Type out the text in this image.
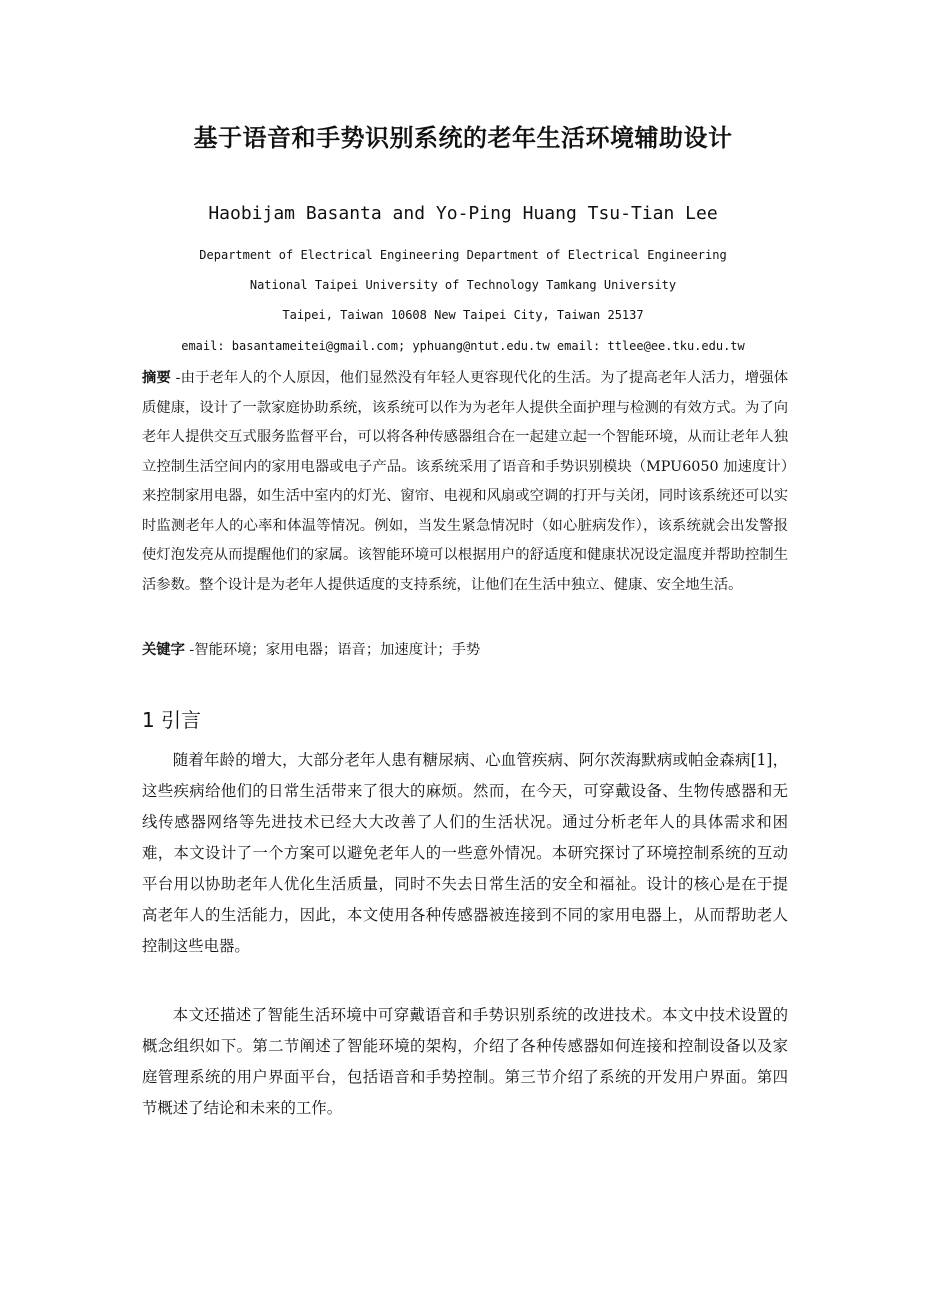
基于语音和手势识别系统的老年生活环境辅助设计
Haobijam Basanta and Yo-Ping Huang Tsu-Tian Lee
Department of Electrical Engineering Department of Electrical Engineering
National Taipei University of Technology Tamkang University
Taipei, Taiwan 10608 New Taipei City, Taiwan 25137
email: basantameitei@gmail.com; yphuang@ntut.edu.tw email: ttlee@ee.tku.edu.tw

摘要 -由于老年人的个人原因，他们显然没有年轻人更容现代化的生活。为了提高老年人活力，增强体质健康，设计了一款家庭协助系统，该系统可以作为为老年人提供全面护理与检测的有效方式。为了向老年人提供交互式服务监督平台，可以将各种传感器组合在一起建立起一个智能环境，从而让老年人独立控制生活空间内的家用电器或电子产品。该系统采用了语音和手势识别模块（MPU6050 加速度计）来控制家用电器，如生活中室内的灯光、窗帘、电视和风扇或空调的打开与关闭，同时该系统还可以实时监测老年人的心率和体温等情况。例如，当发生紧急情况时（如心脏病发作），该系统就会出发警报使灯泡发亮从而提醒他们的家属。该智能环境可以根据用户的舒适度和健康状况设定温度并帮助控制生活参数。整个设计是为老年人提供适度的支持系统，让他们在生活中独立、健康、安全地生活。

关键字 -智能环境；家用电器；语音；加速度计；手势

1 引言

随着年龄的增大，大部分老年人患有糖尿病、心血管疾病、阿尔茨海默病或帕金森病[1]，这些疾病给他们的日常生活带来了很大的麻烦。然而，在今天，可穿戴设备、生物传感器和无线传感器网络等先进技术已经大大改善了人们的生活状况。通过分析老年人的具体需求和困难，本文设计了一个方案可以避免老年人的一些意外情况。本研究探讨了环境控制系统的互动平台用以协助老年人优化生活质量，同时不失去日常生活的安全和福祉。设计的核心是在于提高老年人的生活能力，因此，本文使用各种传感器被连接到不同的家用电器上，从而帮助老人控制这些电器。

本文还描述了智能生活环境中可穿戴语音和手势识别系统的改进技术。本文中技术设置的概念组织如下。第二节阐述了智能环境的架构，介绍了各种传感器如何连接和控制设备以及家庭管理系统的用户界面平台，包括语音和手势控制。第三节介绍了系统的开发用户界面。第四节概述了结论和未来的工作。
